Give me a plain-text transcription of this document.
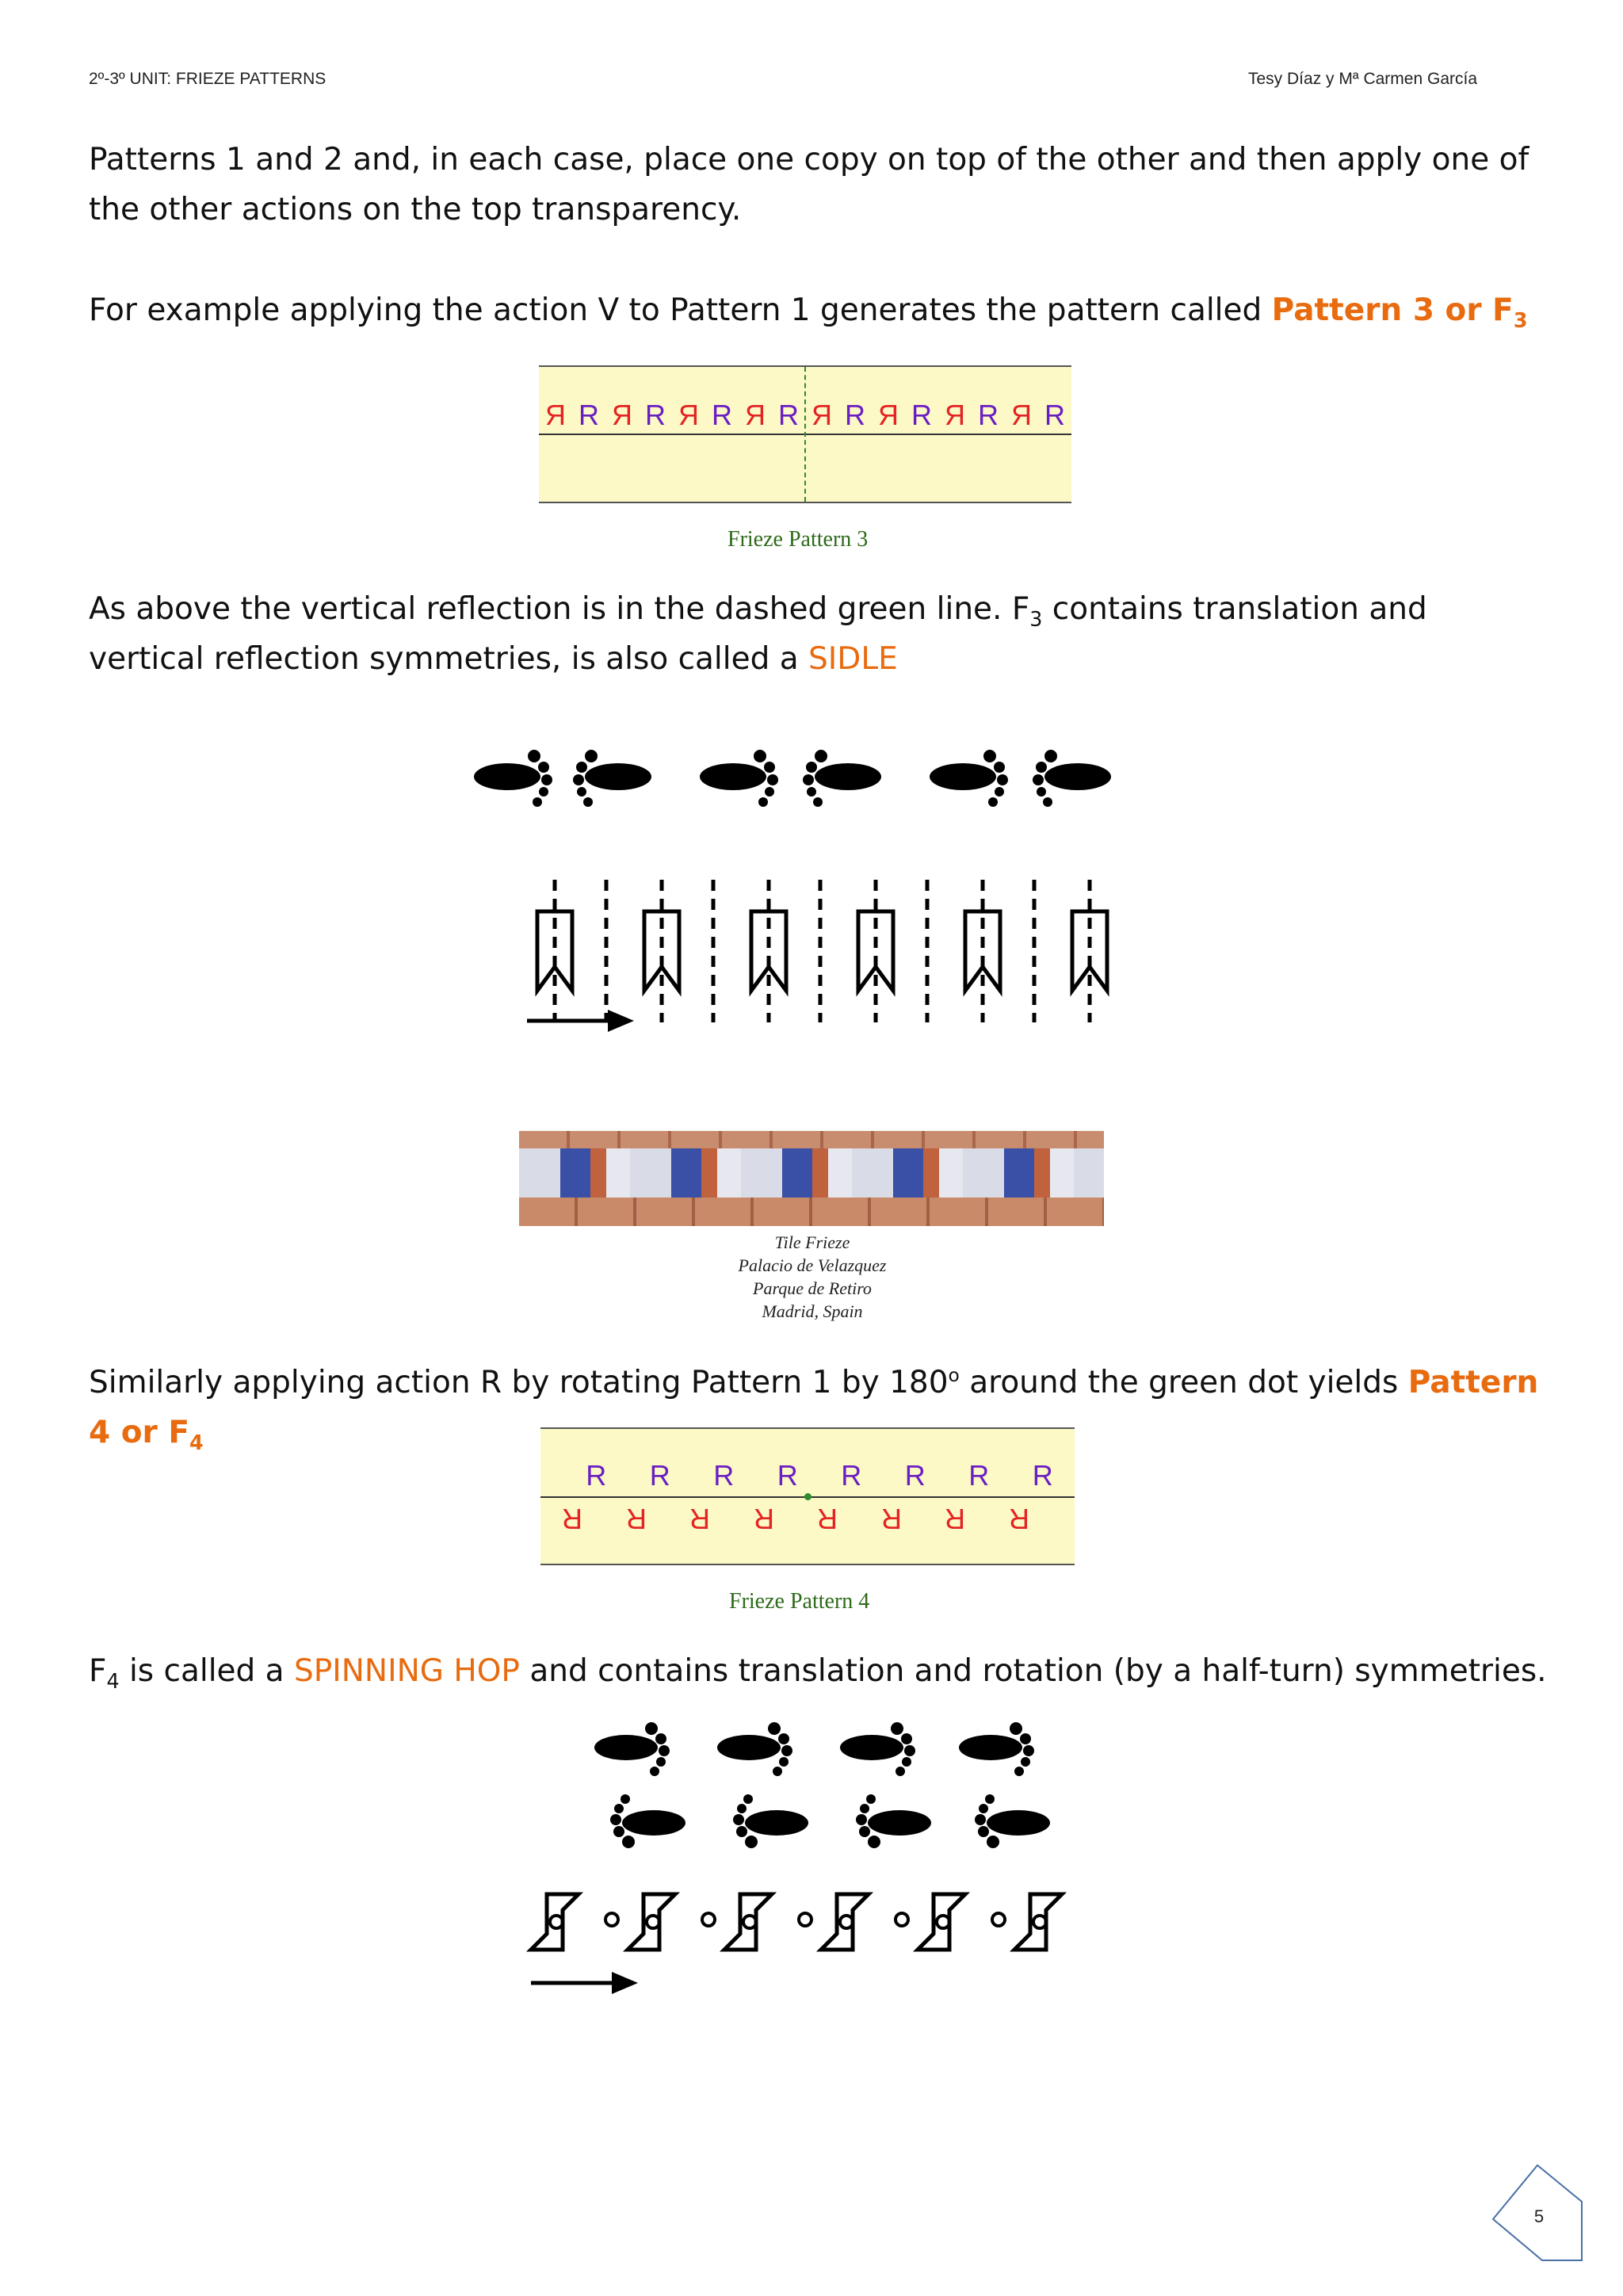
2º-3º UNIT: FRIEZE PATTERNS	Tesy Díaz y Mª Carmen García
Patterns 1 and 2 and, in each case, place one copy on top of the other and then apply one of the other actions on the top transparency.
For example applying the action V to Pattern 1 generates the pattern called Pattern 3 or $F_3$
R R R R R R R R R R R R R R R R
Frieze Pattern 3
As above the vertical reflection is in the dashed green line. $F_3$ contains translation and vertical reflection symmetries, is also called a SIDLE
Tile Frieze
Palacio de Velazquez
Parque de Retiro
Madrid, Spain
Similarly applying action R by rotating Pattern 1 by 180$^o$ around the green dot yields Pattern 4 or $F_4$
R R R R R R R R
R R R R R R R R
Frieze Pattern 4
$F_4$ is called a SPINNING HOP and contains translation and rotation (by a half-turn) symmetries.
5
